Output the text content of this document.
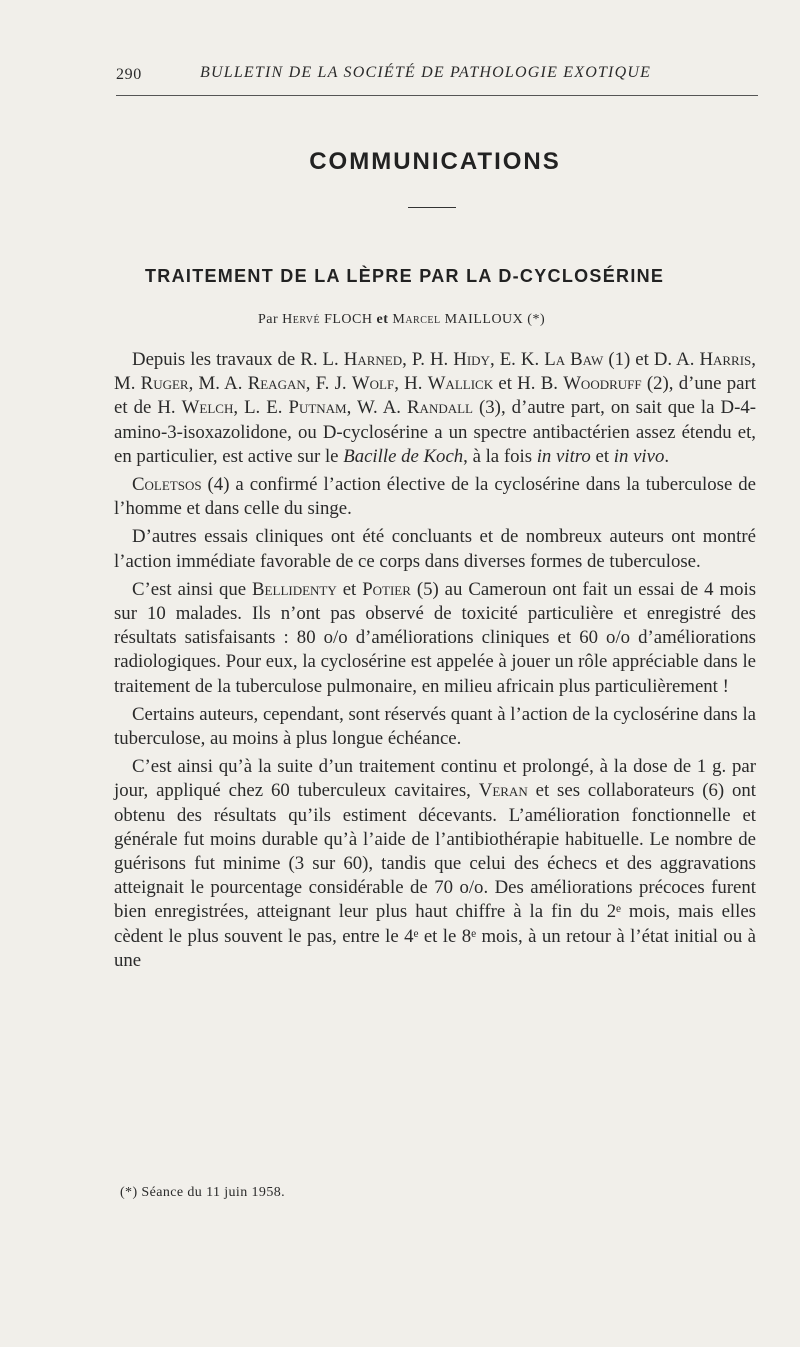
290	BULLETIN DE LA SOCIÉTÉ DE PATHOLOGIE EXOTIQUE
COMMUNICATIONS
TRAITEMENT DE LA LÈPRE PAR LA D-CYCLOSÉRINE
Par Hervé FLOCH et Marcel MAILLOUX (*)

Depuis les travaux de R. L. Harned, P. H. Hidy, E. K. La Baw (1) et D. A. Harris, M. Ruger, M. A. Reagan, F. J. Wolf, H. Wallick et H. B. Woodruff (2), d’une part et de H. Welch, L. E. Putnam, W. A. Randall (3), d’autre part, on sait que la D-4-amino-3-isoxazolidone, ou D-cyclosérine a un spectre antibactérien assez étendu et, en particulier, est active sur le Bacille de Koch, à la fois in vitro et in vivo.

Coletsos (4) a confirmé l’action élective de la cyclosérine dans la tuberculose de l’homme et dans celle du singe.

D’autres essais cliniques ont été concluants et de nombreux auteurs ont montré l’action immédiate favorable de ce corps dans diverses formes de tuberculose.

C’est ainsi que Bellidenty et Potier (5) au Cameroun ont fait un essai de 4 mois sur 10 malades. Ils n’ont pas observé de toxicité particulière et enregistré des résultats satisfaisants : 80 o/o d’améliorations cliniques et 60 o/o d’améliorations radiologiques. Pour eux, la cyclosérine est appelée à jouer un rôle appréciable dans le traitement de la tuberculose pulmonaire, en milieu africain plus particulièrement !

Certains auteurs, cependant, sont réservés quant à l’action de la cyclosérine dans la tuberculose, au moins à plus longue échéance.

C’est ainsi qu’à la suite d’un traitement continu et prolongé, à la dose de 1 g. par jour, appliqué chez 60 tuberculeux cavitaires, Veran et ses collaborateurs (6) ont obtenu des résultats qu’ils estiment décevants. L’amélioration fonctionnelle et générale fut moins durable qu’à l’aide de l’antibiothérapie habituelle. Le nombre de guérisons fut minime (3 sur 60), tandis que celui des échecs et des aggravations atteignait le pourcentage considérable de 70 o/o. Des améliorations précoces furent bien enregistrées, atteignant leur plus haut chiffre à la fin du 2ᵉ mois, mais elles cèdent le plus souvent le pas, entre le 4ᵉ et le 8ᵉ mois, à un retour à l’état initial ou à une

(*) Séance du 11 juin 1958.
